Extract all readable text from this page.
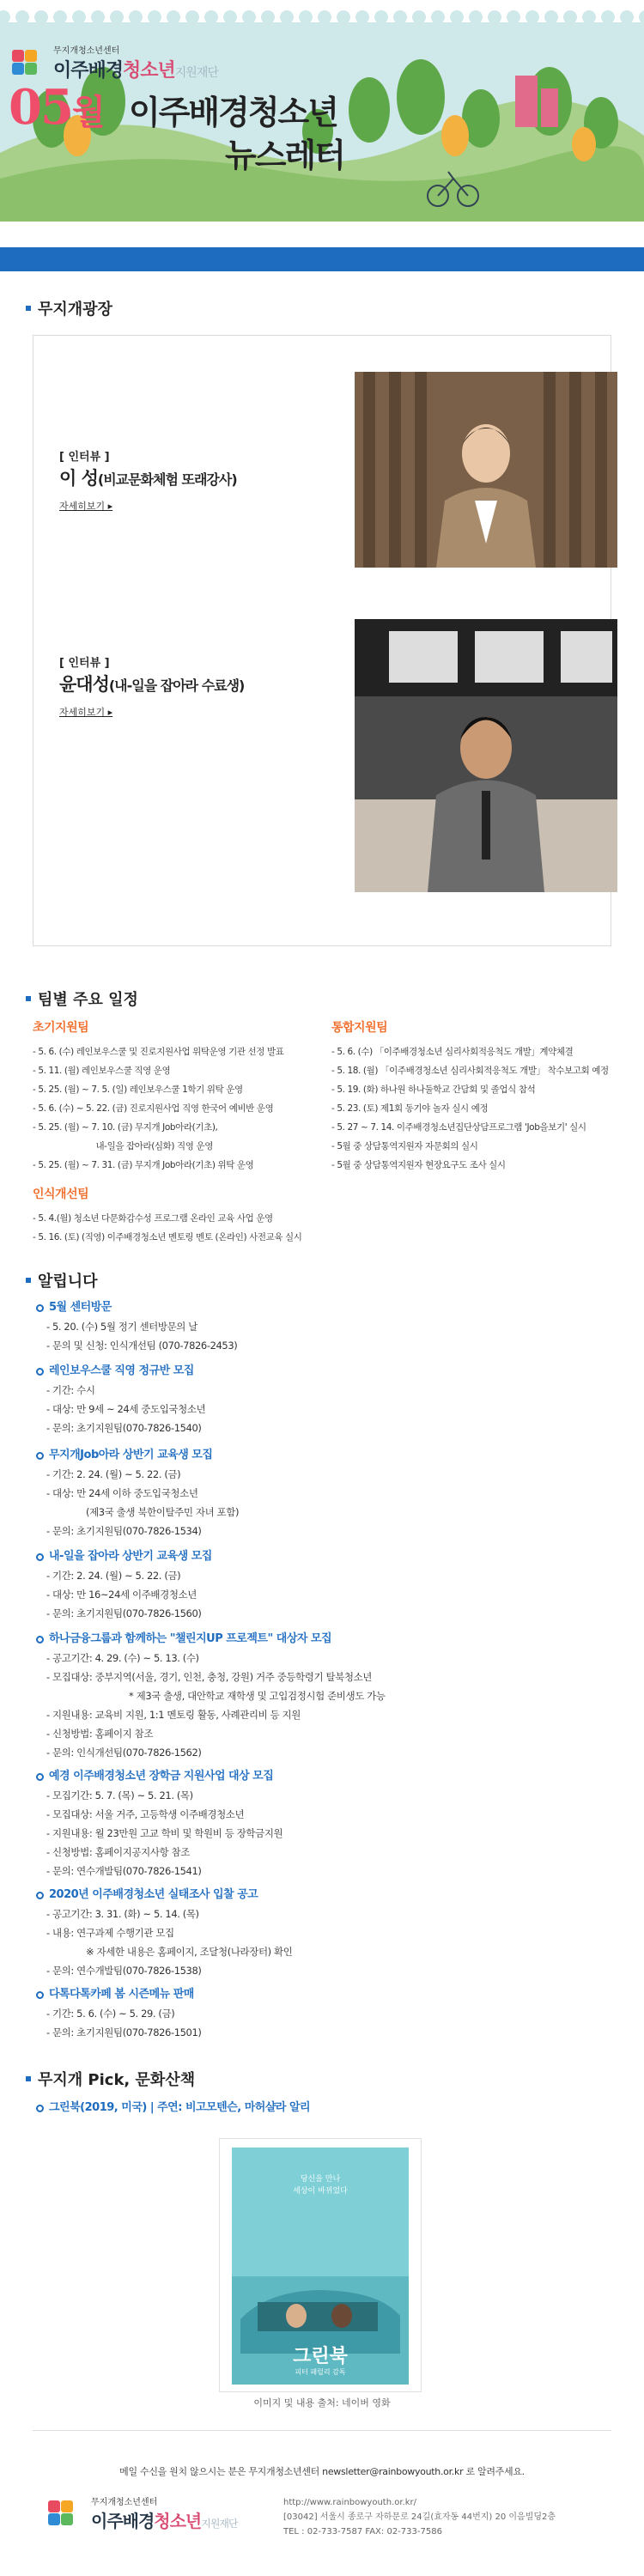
무지개청소년센터
이주배경청소년지원재단
05월 이주배경청소년
뉴스레터
무지개광장
[ 인터뷰 ]
이 성(비교문화체험 또래강사)
자세히보기 ▸
[ 인터뷰 ]
윤대성(내-일을 잡아라 수료생)
자세히보기 ▸
팀별 주요 일정
초기지원팀
- 5. 6. (수) 레인보우스쿨 및 진로지원사업 위탁운영 기관 선정 발표
- 5. 11. (월) 레인보우스쿨 직영 운영
- 5. 25. (월) ~ 7. 5. (일) 레인보우스쿨 1학기 위탁 운영
- 5. 6. (수) ~ 5. 22. (금) 진로지원사업 직영 한국어 예비반 운영
- 5. 25. (월) ~ 7. 10. (금) 무지개 Job아라(기초),
내-일을 잡아라(심화) 직영 운영
- 5. 25. (월) ~ 7. 31. (금) 무지개 Job아라(기초) 위탁 운영
통합지원팀
- 5. 6. (수) 「이주배경청소년 심리사회적응척도 개발」계약체결
- 5. 18. (월) 「이주배경청소년 심리사회적응척도 개발」 착수보고회 예정
- 5. 19. (화) 하나원 하나둘학교 간담회 및 졸업식 참석
- 5. 23. (토) 제1회 동기야 놀자 실시 예정
- 5. 27 ~ 7. 14. 이주배경청소년집단상담프로그램 'Job을보기' 실시
- 5월 중 상담통역지원자 자문회의 실시
- 5월 중 상담통역지원자 현장요구도 조사 실시
인식개선팀
- 5. 4.(월) 청소년 다문화감수성 프로그램 온라인 교육 사업 운영
- 5. 16. (토) (직영) 이주배경청소년 멘토링 멘토 (온라인) 사전교육 실시
알립니다
5월 센터방문
- 5. 20. (수) 5월 정기 센터방문의 날
- 문의 및 신청: 인식개선팀 (070-7826-2453)
레인보우스쿨 직영 정규반 모집
- 기간: 수시
- 대상: 만 9세 ~ 24세 중도입국청소년
- 문의: 초기지원팀(070-7826-1540)
무지개Job아라 상반기 교육생 모집
- 기간: 2. 24. (월) ~ 5. 22. (금)
- 대상: 만 24세 이하 중도입국청소년
(제3국 출생 북한이탈주민 자녀 포함)
- 문의: 초기지원팀(070-7826-1534)
내-일을 잡아라 상반기 교육생 모집
- 기간: 2. 24. (월) ~ 5. 22. (금)
- 대상: 만 16~24세 이주배경청소년
- 문의: 초기지원팀(070-7826-1560)
하나금융그룹과 함께하는 "챌린지UP 프로젝트" 대상자 모집
- 공고기간: 4. 29. (수) ~ 5. 13. (수)
- 모집대상: 중부지역(서울, 경기, 인천, 충청, 강원) 거주 중등학령기 탈북청소년
* 제3국 출생, 대안학교 재학생 및 고입검정시험 준비생도 가능
- 지원내용: 교육비 지원, 1:1 멘토링 활동, 사례관리비 등 지원
- 신청방법: 홈페이지 참조
- 문의: 인식개선팀(070-7826-1562)
예경 이주배경청소년 장학금 지원사업 대상 모집
- 모집기간: 5. 7. (목) ~ 5. 21. (목)
- 모집대상: 서울 거주, 고등학생 이주배경청소년
- 지원내용: 월 23만원 고교 학비 및 학원비 등 장학금지원
- 신청방법: 홈페이지공지사항 참조
- 문의: 연수개발팀(070-7826-1541)
2020년 이주배경청소년 실태조사 입찰 공고
- 공고기간: 3. 31. (화) ~ 5. 14. (목)
- 내용: 연구과제 수행기관 모집
※ 자세한 내용은 홈페이지, 조달청(나라장터) 확인
- 문의: 연수개발팀(070-7826-1538)
다톡다톡카페 봄 시즌메뉴 판매
- 기간: 5. 6. (수) ~ 5. 29. (금)
- 문의: 초기지원팀(070-7826-1501)
무지개 Pick, 문화산책
그린북(2019, 미국) | 주연: 비고모텐슨, 마허샬라 알리
당신을 만나
세상이 바뀌었다
그린북
피터 패럴리 감독
이미지 및 내용 출처: 네이버 영화
메일 수신을 원치 않으시는 분은 무지개청소년센터 newsletter@rainbowyouth.or.kr 로 알려주세요.
무지개청소년센터
이주배경청소년지원재단
http://www.rainbowyouth.or.kr/
[03042] 서울시 종로구 자하문로 24길(효자동 44번지) 20 이음빌딩2층
TEL : 02-733-7587 FAX: 02-733-7586
